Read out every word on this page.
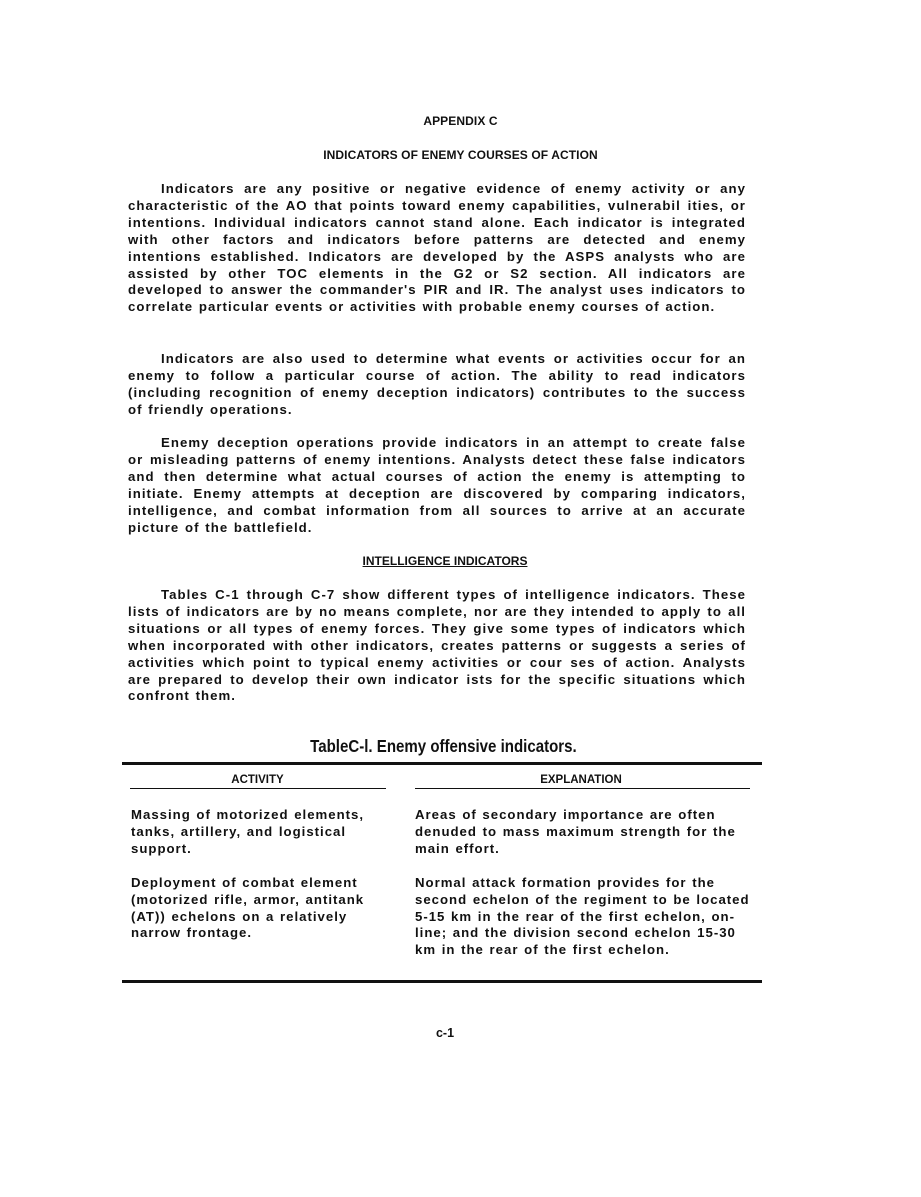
APPENDIX C
INDICATORS OF ENEMY COURSES OF ACTION
Indicators are any positive or negative evidence of enemy activity or any characteristic of the AO that points toward enemy capabilities, vulnerabil ities, or intentions. Individual indicators cannot stand alone. Each indicator is integrated with other factors and indicators before patterns are detected and enemy intentions established. Indicators are developed by the ASPS analysts who are assisted by other TOC elements in the G2 or S2 section. All indicators are developed to answer the commander's PIR and IR. The analyst uses indicators to correlate particular events or activities with probable enemy courses of action.
Indicators are also used to determine what events or activities occur for an enemy to follow a particular course of action. The ability to read indicators (including recognition of enemy deception indicators) contributes to the success of friendly operations.
Enemy deception operations provide indicators in an attempt to create false or misleading patterns of enemy intentions. Analysts detect these false indicators and then determine what actual courses of action the enemy is attempting to initiate. Enemy attempts at deception are discovered by comparing indicators, intelligence, and combat information from all sources to arrive at an accurate picture of the battlefield.
INTELLIGENCE INDICATORS
Tables C-1 through C-7 show different types of intelligence indicators. These lists of indicators are by no means complete, nor are they intended to apply to all situations or all types of enemy forces. They give some types of indicators which when incorporated with other indicators, creates patterns or suggests a series of activities which point to typical enemy activities or cour ses of action. Analysts are prepared to develop their own indicator ists for the specific situations which confront them.
TableC-l. Enemy offensive indicators.
ACTIVITY	EXPLANATION
Massing of motorized elements, tanks, artillery, and logistical support.
Areas of secondary importance are often denuded to mass maximum strength for the main effort.
Deployment of combat element (motorized rifle, armor, antitank (AT)) echelons on a relatively narrow frontage.
Normal attack formation provides for the second echelon of the regiment to be located 5-15 km in the rear of the first echelon, on-line; and the division second echelon 15-30 km in the rear of the first echelon.
c-1
